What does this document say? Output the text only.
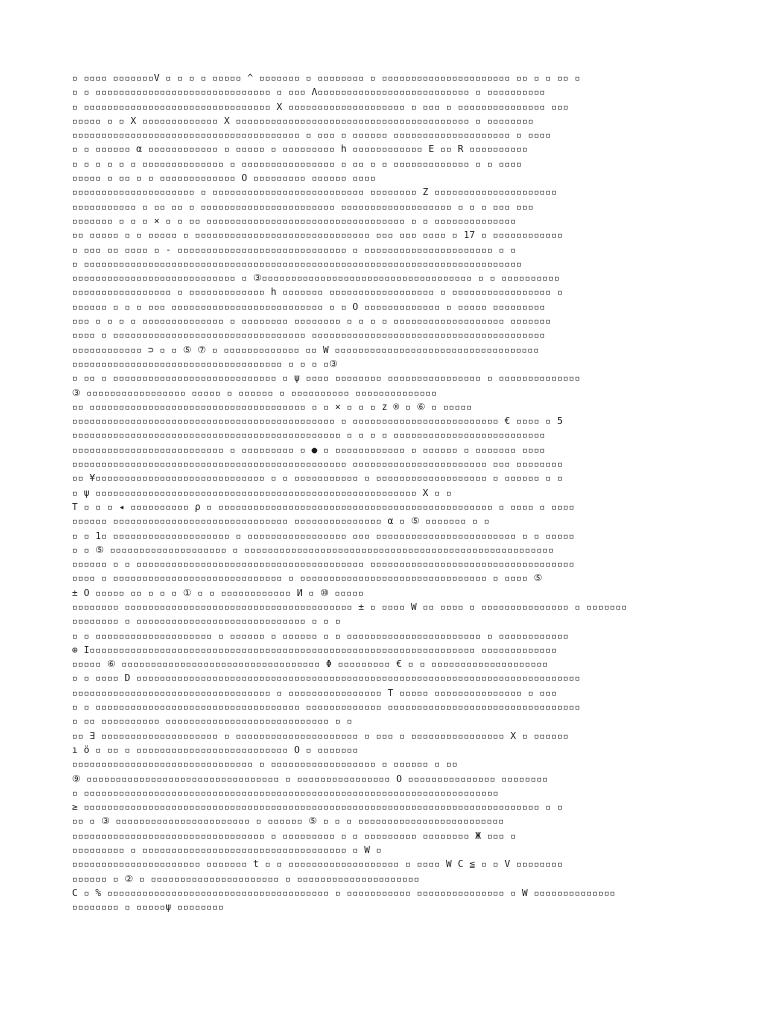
▫ ▫▫▫▫ ▫▫▫▫▫▫▫V ▫ ▫ ▫ ▫ ▫▫▫▫▫ ^ ▫▫▫▫▫▫▫ ▫ ▫▫▫▫▫▫▫▫ ▫ ▫▫▫▫▫▫▫▫▫▫▫▫▫▫▫▫▫▫▫▫▫▫ ▫▫ ▫ ▫ ▫▫ ▫
▫ ▫ ▫▫▫▫▫▫▫▫▫▫▫▫▫▫▫▫▫▫▫▫▫▫▫▫▫▫▫▫▫▫ ▫ ▫▫▫ Λ▫▫▫▫▫▫▫▫▫▫▫▫▫▫▫▫▫▫▫▫▫▫▫▫▫▫ ▫ ▫▫▫▫▫▫▫▫▫▫
▫ ▫▫▫▫▫▫▫▫▫▫▫▫▫▫▫▫▫▫▫▫▫▫▫▫▫▫▫▫▫▫▫▫ X ▫▫▫▫▫▫▫▫▫▫▫▫▫▫▫▫▫▫▫▫ ▫ ▫▫▫ ▫ ▫▫▫▫▫▫▫▫▫▫▫▫▫▫▫ ▫▫▫
▫▫▫▫▫ ▫ ▫ X ▫▫▫▫▫▫▫▫▫▫▫▫▫ X ▫▫▫▫▫▫▫▫▫▫▫▫▫▫▫▫▫▫▫▫▫▫▫▫▫▫▫▫▫▫▫▫▫▫▫▫▫▫▫▫ ▫ ▫▫▫▫▫▫▫▫
▫▫▫▫▫▫▫▫▫▫▫▫▫▫▫▫▫▫▫▫▫▫▫▫▫▫▫▫▫▫▫▫▫▫▫▫▫▫▫ ▫ ▫▫▫ ▫ ▫▫▫▫▫▫ ▫▫▫▫▫▫▫▫▫▫▫▫▫▫▫▫▫▫▫▫ ▫ ▫▫▫▫
▫ ▫ ▫▫▫▫▫▫ α ▫▫▫▫▫▫▫▫▫▫▫▫ ▫ ▫▫▫▫▫ ▫ ▫▫▫▫▫▫▫▫▫ h ▫▫▫▫▫▫▫▫▫▫▫▫ E ▫▫ R ▫▫▫▫▫▫▫▫▫▫
▫ ▫ ▫ ▫ ▫ ▫ ▫▫▫▫▫▫▫▫▫▫▫▫▫▫ ▫ ▫▫▫▫▫▫▫▫▫▫▫▫▫▫▫▫ ▫ ▫▫ ▫ ▫ ▫▫▫▫▫▫▫▫▫▫▫▫▫ ▫ ▫ ▫▫▫▫
▫▫▫▫▫ ▫ ▫▫ ▫ ▫ ▫▫▫▫▫▫▫▫▫▫▫▫▫ O ▫▫▫▫▫▫▫▫▫ ▫▫▫▫▫▫ ▫▫▫▫
▫▫▫▫▫▫▫▫▫▫▫▫▫▫▫▫▫▫▫▫▫ ▫ ▫▫▫▫▫▫▫▫▫▫▫▫▫▫▫▫▫▫▫▫▫▫▫▫▫▫ ▫▫▫▫▫▫▫▫ Z ▫▫▫▫▫▫▫▫▫▫▫▫▫▫▫▫▫▫▫▫▫
▫▫▫▫▫▫▫▫▫▫▫ ▫ ▫▫ ▫▫ ▫ ▫▫▫▫▫▫▫▫▫▫▫▫▫▫▫▫▫▫▫▫▫▫▫ ▫▫▫▫▫▫▫▫▫▫▫▫▫▫▫▫▫▫▫ ▫ ▫ ▫ ▫▫▫ ▫▫▫
▫▫▫▫▫▫▫ ▫ ▫ ▫ × ▫ ▫ ▫▫ ▫▫▫▫▫▫▫▫▫▫▫▫▫▫▫▫▫▫▫▫▫▫▫▫▫▫▫▫▫▫▫▫▫▫ ▫ ▫ ▫▫▫▫▫▫▫▫▫▫▫▫▫▫
▫▫ ▫▫▫▫▫ ▫ ▫ ▫▫▫▫▫ ▫ ▫▫▫▫▫▫▫▫▫▫▫▫▫▫▫▫▫▫▫▫▫▫▫▫▫▫▫▫▫▫ ▫▫▫ ▫▫▫ ▫▫▫▫ ▫ 17 ▫ ▫▫▫▫▫▫▫▫▫▫▫▫
▫ ▫▫▫ ▫▫ ▫▫▫▫ ▫ - ▫▫▫▫▫▫▫▫▫▫▫▫▫▫▫▫▫▫▫▫▫▫▫▫▫▫▫▫▫ ▫ ▫▫▫▫▫▫▫▫▫▫▫▫▫▫▫▫▫▫▫▫▫▫ ▫ ▫
▫ ▫▫▫▫▫▫▫▫▫▫▫▫▫▫▫▫▫▫▫▫▫▫▫▫▫▫▫▫▫▫▫▫▫▫▫▫▫▫▫▫▫▫▫▫▫▫▫▫▫▫▫▫▫▫▫▫▫▫▫▫▫▫▫▫▫▫▫▫▫▫▫▫▫▫▫
▫▫▫▫▫▫▫▫▫▫▫▫▫▫▫▫▫▫▫▫▫▫▫▫▫▫▫▫ ▫ ③▫▫▫▫▫▫▫▫▫▫▫▫▫▫▫▫▫▫▫▫▫▫▫▫▫▫▫▫▫▫▫▫▫▫▫▫ ▫ ▫ ▫▫▫▫▫▫▫▫▫▫
▫▫▫▫▫▫▫▫▫▫▫▫▫▫▫▫▫ ▫ ▫▫▫▫▫▫▫▫▫▫▫▫▫ h ▫▫▫▫▫▫▫ ▫▫▫▫▫▫▫▫▫▫▫▫▫▫▫▫▫▫ ▫ ▫▫▫▫▫▫▫▫▫▫▫▫▫▫▫▫▫ ▫
▫▫▫▫▫▫ ▫ ▫ ▫ ▫▫▫ ▫▫▫▫▫▫▫▫▫▫▫▫▫▫▫▫▫▫▫▫▫▫▫▫▫▫ ▫ ▫ O ▫▫▫▫▫▫▫▫▫▫▫▫▫ ▫ ▫▫▫▫▫ ▫▫▫▫▫▫▫▫▫
▫▫▫ ▫ ▫ ▫ ▫ ▫▫▫▫▫▫▫▫▫▫▫▫▫▫ ▫ ▫▫▫▫▫▫▫▫ ▫▫▫▫▫▫▫▫ ▫ ▫ ▫ ▫ ▫▫▫▫▫▫▫▫▫▫▫▫▫▫▫▫▫▫▫ ▫▫▫▫▫▫▫
▫▫▫▫ ▫ ▫▫▫▫▫▫▫▫▫▫▫▫▫▫▫▫▫▫▫▫▫▫▫▫▫▫▫▫▫▫▫▫▫ ▫▫▫▫▫▫▫▫▫▫▫▫▫▫▫▫▫▫▫▫▫▫▫▫▫▫▫▫▫▫▫▫▫▫▫▫▫▫▫▫
▫▫▫▫▫▫▫▫▫▫▫▫ ⊃ ▫ ▫ ⑤ ⑦ ▫ ▫▫▫▫▫▫▫▫▫▫▫▫▫ ▫▫ W ▫▫▫▫▫▫▫▫▫▫▫▫▫▫▫▫▫▫▫▫▫▫▫▫▫▫▫▫▫▫▫▫▫▫▫
▫▫▫▫▫▫▫▫▫▫▫▫▫▫▫▫▫▫▫▫▫▫▫▫▫▫▫▫▫▫▫▫▫▫▫▫ ▫ ▫ ▫ ▫③
▫ ▫▫ ▫ ▫▫▫▫▫▫▫▫▫▫▫▫▫▫▫▫▫▫▫▫▫▫▫▫▫▫▫▫ ▫ ψ ▫▫▫▫ ▫▫▫▫▫▫▫▫ ▫▫▫▫▫▫▫▫▫▫▫▫▫▫▫▫ ▫ ▫▫▫▫▫▫▫▫▫▫▫▫▫▫
③ ▫▫▫▫▫▫▫▫▫▫▫▫▫▫▫▫▫ ▫▫▫▫▫ ▫ ▫▫▫▫▫▫ ▫ ▫▫▫▫▫▫▫▫▫▫ ▫▫▫▫▫▫▫▫▫▫▫▫▫▫
▫▫ ▫▫▫▫▫▫▫▫▫▫▫▫▫▫▫▫▫▫▫▫▫▫▫▫▫▫▫▫▫▫▫▫▫▫▫▫▫ ▫ ▫ × ▫ ▫ ▫ z ® ▫ ⑥ ▫ ▫▫▫▫▫
▫▫▫▫▫▫▫▫▫▫▫▫▫▫▫▫▫▫▫▫▫▫▫▫▫▫▫▫▫▫▫▫▫▫▫▫▫▫▫▫▫▫▫▫▫ ▫ ▫▫▫▫▫▫▫▫▫▫▫▫▫▫▫▫▫▫▫▫▫▫▫▫▫ € ▫▫▫▫ ▫ 5
▫▫▫▫▫▫▫▫▫▫▫▫▫▫▫▫▫▫▫▫▫▫▫▫▫▫▫▫▫▫▫▫▫▫▫▫▫▫▫▫▫▫▫▫▫▫ ▫ ▫ ▫ ▫ ▫▫▫▫▫▫▫▫▫▫▫▫▫▫▫▫▫▫▫▫▫▫▫▫▫▫
▫▫▫▫▫▫▫▫▫▫▫▫▫▫▫▫▫▫▫▫▫▫▫▫▫▫ ▫ ▫▫▫▫▫▫▫▫▫ ▫ ● ▫ ▫▫▫▫▫▫▫▫▫▫▫▫ ▫ ▫▫▫▫▫▫ ▫ ▫▫▫▫▫▫▫ ▫▫▫▫
▫▫▫▫▫▫▫▫▫▫▫▫▫▫▫▫▫▫▫▫▫▫▫▫▫▫▫▫▫▫▫▫▫▫▫▫▫▫▫▫▫▫▫▫▫▫▫ ▫▫▫▫▫▫▫▫▫▫▫▫▫▫▫▫▫▫▫▫▫▫▫ ▫▫▫ ▫▫▫▫▫▫▫▫
▫▫ ¥▫▫▫▫▫▫▫▫▫▫▫▫▫▫▫▫▫▫▫▫▫▫▫▫▫▫▫▫▫ ▫ ▫ ▫▫▫▫▫▫▫▫▫▫▫ ▫ ▫▫▫▫▫▫▫▫▫▫▫▫▫▫▫▫▫▫▫ ▫ ▫▫▫▫▫▫ ▫ ▫
▫ ψ ▫▫▫▫▫▫▫▫▫▫▫▫▫▫▫▫▫▫▫▫▫▫▫▫▫▫▫▫▫▫▫▫▫▫▫▫▫▫▫▫▫▫▫▫▫▫▫▫▫▫▫▫▫▫▫ X ▫ ▫
T ▫ ▫ ▫ ◂ ▫▫▫▫▫▫▫▫▫▫ ρ ▫ ▫▫▫▫▫▫▫▫▫▫▫▫▫▫▫▫▫▫▫▫▫▫▫▫▫▫▫▫▫▫▫▫▫▫▫▫▫▫▫▫▫▫▫▫▫▫▫ ▫ ▫▫▫▫ ▫ ▫▫▫▫
▫▫▫▫▫▫ ▫▫▫▫▫▫▫▫▫▫▫▫▫▫▫▫▫▫▫▫▫▫▫▫▫▫▫▫▫▫ ▫▫▫▫▫▫▫▫▫▫▫▫▫▫▫ α ▫ ⑤ ▫▫▫▫▫▫▫ ▫ ▫
▫ ▫ 1▫ ▫▫▫▫▫▫▫▫▫▫▫▫▫▫▫▫▫▫▫▫ ▫ ▫▫▫▫▫▫▫▫▫▫▫▫▫▫▫▫▫ ▫▫▫ ▫▫▫▫▫▫▫▫▫▫▫▫▫▫▫▫▫▫▫▫▫▫▫▫ ▫ ▫ ▫▫▫▫▫
▫ ▫ ⑤ ▫▫▫▫▫▫▫▫▫▫▫▫▫▫▫▫▫▫▫▫ ▫ ▫▫▫▫▫▫▫▫▫▫▫▫▫▫▫▫▫▫▫▫▫▫▫▫▫▫▫▫▫▫▫▫▫▫▫▫▫▫▫▫▫▫▫▫▫▫▫▫▫▫▫▫▫
▫▫▫▫▫▫ ▫ ▫ ▫▫▫▫▫▫▫▫▫▫▫▫▫▫▫▫▫▫▫▫▫▫▫▫▫▫▫▫▫▫▫▫▫▫▫▫▫▫▫ ▫▫▫▫▫▫▫▫▫▫▫▫▫▫▫▫▫▫▫▫▫▫▫▫▫▫▫▫▫▫▫▫▫▫▫
▫▫▫▫ ▫ ▫▫▫▫▫▫▫▫▫▫▫▫▫▫▫▫▫▫▫▫▫▫▫▫▫▫▫▫▫ ▫ ▫▫▫▫▫▫▫▫▫▫▫▫▫▫▫▫▫▫▫▫▫▫▫▫▫▫▫▫▫▫▫▫ ▫ ▫▫▫▫ ⑤
± O ▫▫▫▫▫ ▫▫ ▫ ▫ ▫ ① ▫ ▫ ▫▫▫▫▫▫▫▫▫▫▫▫ И ▫ ⑩ ▫▫▫▫▫
▫▫▫▫▫▫▫▫ ▫▫▫▫▫▫▫▫▫▫▫▫▫▫▫▫▫▫▫▫▫▫▫▫▫▫▫▫▫▫▫▫▫▫▫▫▫▫▫ ± ▫ ▫▫▫▫ W ▫▫ ▫▫▫▫ ▫ ▫▫▫▫▫▫▫▫▫▫▫▫▫▫▫ ▫ ▫▫▫▫▫▫▫
▫▫▫▫▫▫▫▫ ▫ ▫▫▫▫▫▫▫▫▫▫▫▫▫▫▫▫▫▫▫▫▫▫▫▫▫▫▫▫▫ ▫ ▫ ▫
▫ ▫ ▫▫▫▫▫▫▫▫▫▫▫▫▫▫▫▫▫▫▫▫ ▫ ▫▫▫▫▫▫ ▫ ▫▫▫▫▫▫ ▫ ▫ ▫▫▫▫▫▫▫▫▫▫▫▫▫▫▫▫▫▫▫▫▫▫▫ ▫ ▫▫▫▫▫▫▫▫▫▫▫▫
⊕ I▫▫▫▫▫▫▫▫▫▫▫▫▫▫▫▫▫▫▫▫▫▫▫▫▫▫▫▫▫▫▫▫▫▫▫▫▫▫▫▫▫▫▫▫▫▫▫▫▫▫▫▫▫▫▫▫▫▫▫▫▫▫▫▫▫▫ ▫▫▫▫▫▫▫▫▫▫▫▫▫
▫▫▫▫▫ ⑥ ▫▫▫▫▫▫▫▫▫▫▫▫▫▫▫▫▫▫▫▫▫▫▫▫▫▫▫▫▫▫▫▫▫▫ Φ ▫▫▫▫▫▫▫▫▫ € ▫ ▫ ▫▫▫▫▫▫▫▫▫▫▫▫▫▫▫▫▫▫▫▫
▫ ▫ ▫▫▫▫ D ▫▫▫▫▫▫▫▫▫▫▫▫▫▫▫▫▫▫▫▫▫▫▫▫▫▫▫▫▫▫▫▫▫▫▫▫▫▫▫▫▫▫▫▫▫▫▫▫▫▫▫▫▫▫▫▫▫▫▫▫▫▫▫▫▫▫▫▫▫▫▫▫▫▫▫▫
▫▫▫▫▫▫▫▫▫▫▫▫▫▫▫▫▫▫▫▫▫▫▫▫▫▫▫▫▫▫▫▫▫▫ ▫ ▫▫▫▫▫▫▫▫▫▫▫▫▫▫▫▫ T ▫▫▫▫▫ ▫▫▫▫▫▫▫▫▫▫▫▫▫▫▫ ▫ ▫▫▫
▫ ▫ ▫▫▫▫▫▫▫▫▫▫▫▫▫▫▫▫▫▫▫▫▫▫▫▫▫▫▫▫▫▫▫▫▫▫▫ ▫▫▫▫▫▫▫▫▫▫▫▫▫ ▫▫▫▫▫▫▫▫▫▫▫▫▫▫▫▫▫▫▫▫▫▫▫▫▫▫▫▫▫▫▫▫▫
▫ ▫▫ ▫▫▫▫▫▫▫▫▫▫ ▫▫▫▫▫▫▫▫▫▫▫▫▫▫▫▫▫▫▫▫▫▫▫▫▫▫▫▫ ▫ ▫
▫▫ ∃ ▫▫▫▫▫▫▫▫▫▫▫▫▫▫▫▫▫▫▫▫ ▫ ▫▫▫▫▫▫▫▫▫▫▫▫▫▫▫▫▫▫▫▫▫ ▫ ▫▫▫ ▫ ▫▫▫▫▫▫▫▫▫▫▫▫▫▫▫▫ X ▫ ▫▫▫▫▫▫
ı ö ▫ ▫▫ ▫ ▫▫▫▫▫▫▫▫▫▫▫▫▫▫▫▫▫▫▫▫▫▫▫▫▫▫ O ▫ ▫▫▫▫▫▫▫
▫▫▫▫▫▫▫▫▫▫▫▫▫▫▫▫▫▫▫▫▫▫▫▫▫▫▫▫▫▫▫ ▫ ▫▫▫▫▫▫▫▫▫▫▫▫▫▫▫▫▫▫ ▫ ▫▫▫▫▫▫ ▫ ▫▫
⑨ ▫▫▫▫▫▫▫▫▫▫▫▫▫▫▫▫▫▫▫▫▫▫▫▫▫▫▫▫▫▫▫▫▫ ▫ ▫▫▫▫▫▫▫▫▫▫▫▫▫▫▫▫ O ▫▫▫▫▫▫▫▫▫▫▫▫▫▫▫ ▫▫▫▫▫▫▫▫
▫ ▫▫▫▫▫▫▫▫▫▫▫▫▫▫▫▫▫▫▫▫▫▫▫▫▫▫▫▫▫▫▫▫▫▫▫▫▫▫▫▫▫▫▫▫▫▫▫▫▫▫▫▫▫▫▫▫▫▫▫▫▫▫▫▫▫▫▫▫▫▫▫
≥ ▫▫▫▫▫▫▫▫▫▫▫▫▫▫▫▫▫▫▫▫▫▫▫▫▫▫▫▫▫▫▫▫▫▫▫▫▫▫▫▫▫▫▫▫▫▫▫▫▫▫▫▫▫▫▫▫▫▫▫▫▫▫▫▫▫▫▫▫▫▫▫▫▫▫▫▫▫▫ ▫ ▫
▫▫ ▫ ③ ▫▫▫▫▫▫▫▫▫▫▫▫▫▫▫▫▫▫▫▫▫▫▫ ▫ ▫▫▫▫▫▫ ⑤ ▫ ▫ ▫ ▫▫▫▫▫▫▫▫▫▫▫▫▫▫▫▫▫▫▫▫▫▫▫▫▫
▫▫▫▫▫▫▫▫▫▫▫▫▫▫▫▫▫▫▫▫▫▫▫▫▫▫▫▫▫▫▫▫▫ ▫ ▫▫▫▫▫▫▫▫▫ ▫ ▫ ▫▫▫▫▫▫▫▫▫ ▫▫▫▫▫▫▫▫ Ж ▫▫▫ ▫
▫▫▫▫▫▫▫▫▫ ▫ ▫▫▫▫▫▫▫▫▫▫▫▫▫▫▫▫▫▫▫▫▫▫▫▫▫▫▫▫▫▫▫▫▫▫▫ ▫ W ▫
▫▫▫▫▫▫▫▫▫▫▫▫▫▫▫▫▫▫▫▫▫▫ ▫▫▫▫▫▫▫ t ▫ ▫ ▫▫▫▫▫▫▫▫▫▫▫▫▫▫▫▫▫▫▫ ▫ ▫▫▫▫ W C ≦ ▫ ▫ V ▫▫▫▫▫▫▫▫
▫▫▫▫▫▫ ▫ ② ▫ ▫▫▫▫▫▫▫▫▫▫▫▫▫▫▫▫▫▫▫▫▫▫ ▫ ▫▫▫▫▫▫▫▫▫▫▫▫▫▫▫▫▫▫▫▫▫
C ▫ % ▫▫▫▫▫▫▫▫▫▫▫▫▫▫▫▫▫▫▫▫▫▫▫▫▫▫▫▫▫▫▫▫▫▫▫▫▫▫ ▫ ▫▫▫▫▫▫▫▫▫▫▫ ▫▫▫▫▫▫▫▫▫▫▫▫▫▫▫ ▫ W ▫▫▫▫▫▫▫▫▫▫▫▫▫▫
▫▫▫▫▫▫▫▫ ▫ ▫▫▫▫▫ψ ▫▫▫▫▫▫▫▫
